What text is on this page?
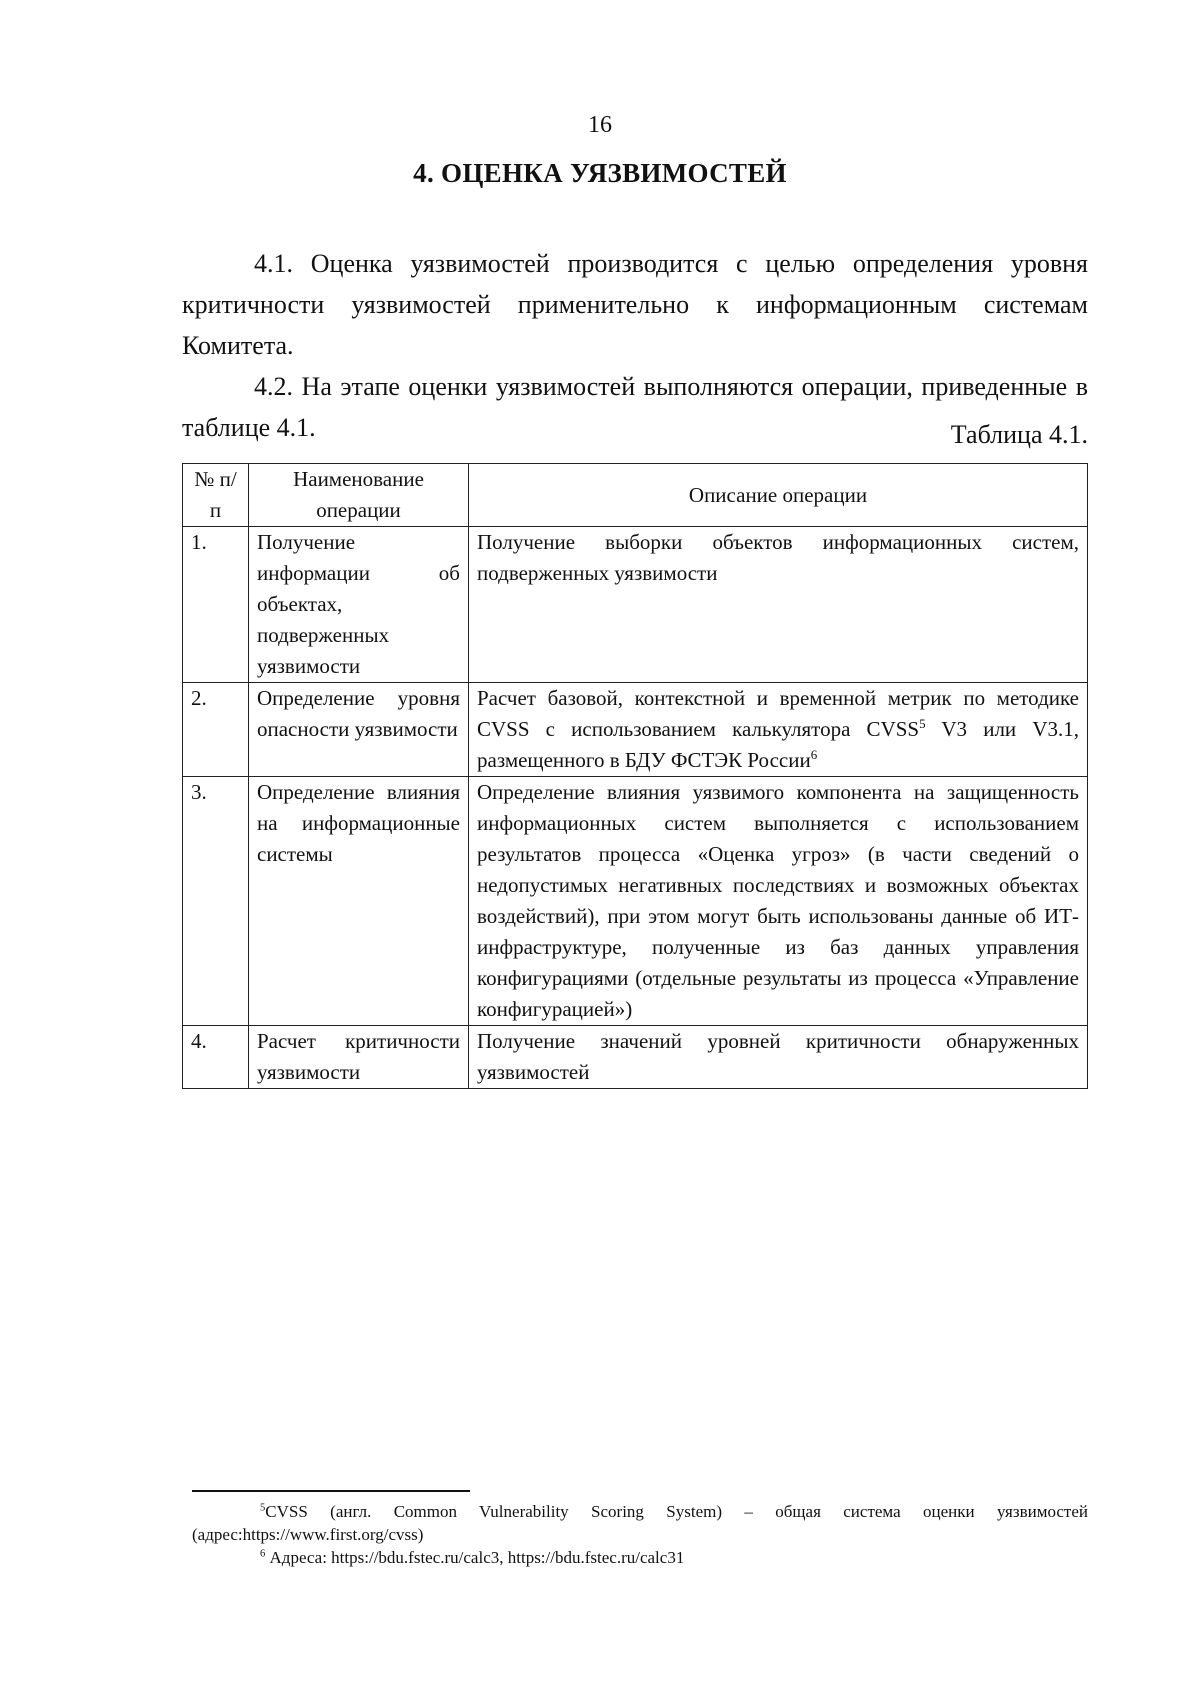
16
4. ОЦЕНКА УЯЗВИМОСТЕЙ

4.1. Оценка уязвимостей производится с целью определения уровня критичности уязвимостей применительно к информационным системам Комитета.

4.2. На этапе оценки уязвимостей выполняются операции, приведенные в таблице 4.1.	Таблица 4.1.
№ п/п	Наименование операции	Описание операции
1.	Получение информации об объектах, подверженных уязвимости	Получение выборки объектов информационных систем, подверженных уязвимости
2.	Определение уровня опасности уязвимости	Расчет базовой, контекстной и временной метрик по методике CVSS с использованием калькулятора CVSS$^5$ V3 или V3.1, размещенного в БДУ ФСТЭК России$^6$
3.	Определение влияния на информационные системы	Определение влияния уязвимого компонента на защищенность информационных систем выполняется с использованием результатов процесса «Оценка угроз» (в части сведений о недопустимых негативных последствиях и возможных объектах воздействий), при этом могут быть использованы данные об ИТ-инфраструктуре, полученные из баз данных управления конфигурациями (отдельные результаты из процесса «Управление конфигурацией»)
4.	Расчет критичности уязвимости	Получение значений уровней критичности обнаруженных уязвимостей

$^5$CVSS (англ. Common Vulnerability Scoring System) – общая система оценки уязвимостей (адрес:https://www.first.org/cvss)

$^6$ Адреса: https://bdu.fstec.ru/calc3, https://bdu.fstec.ru/calc31
